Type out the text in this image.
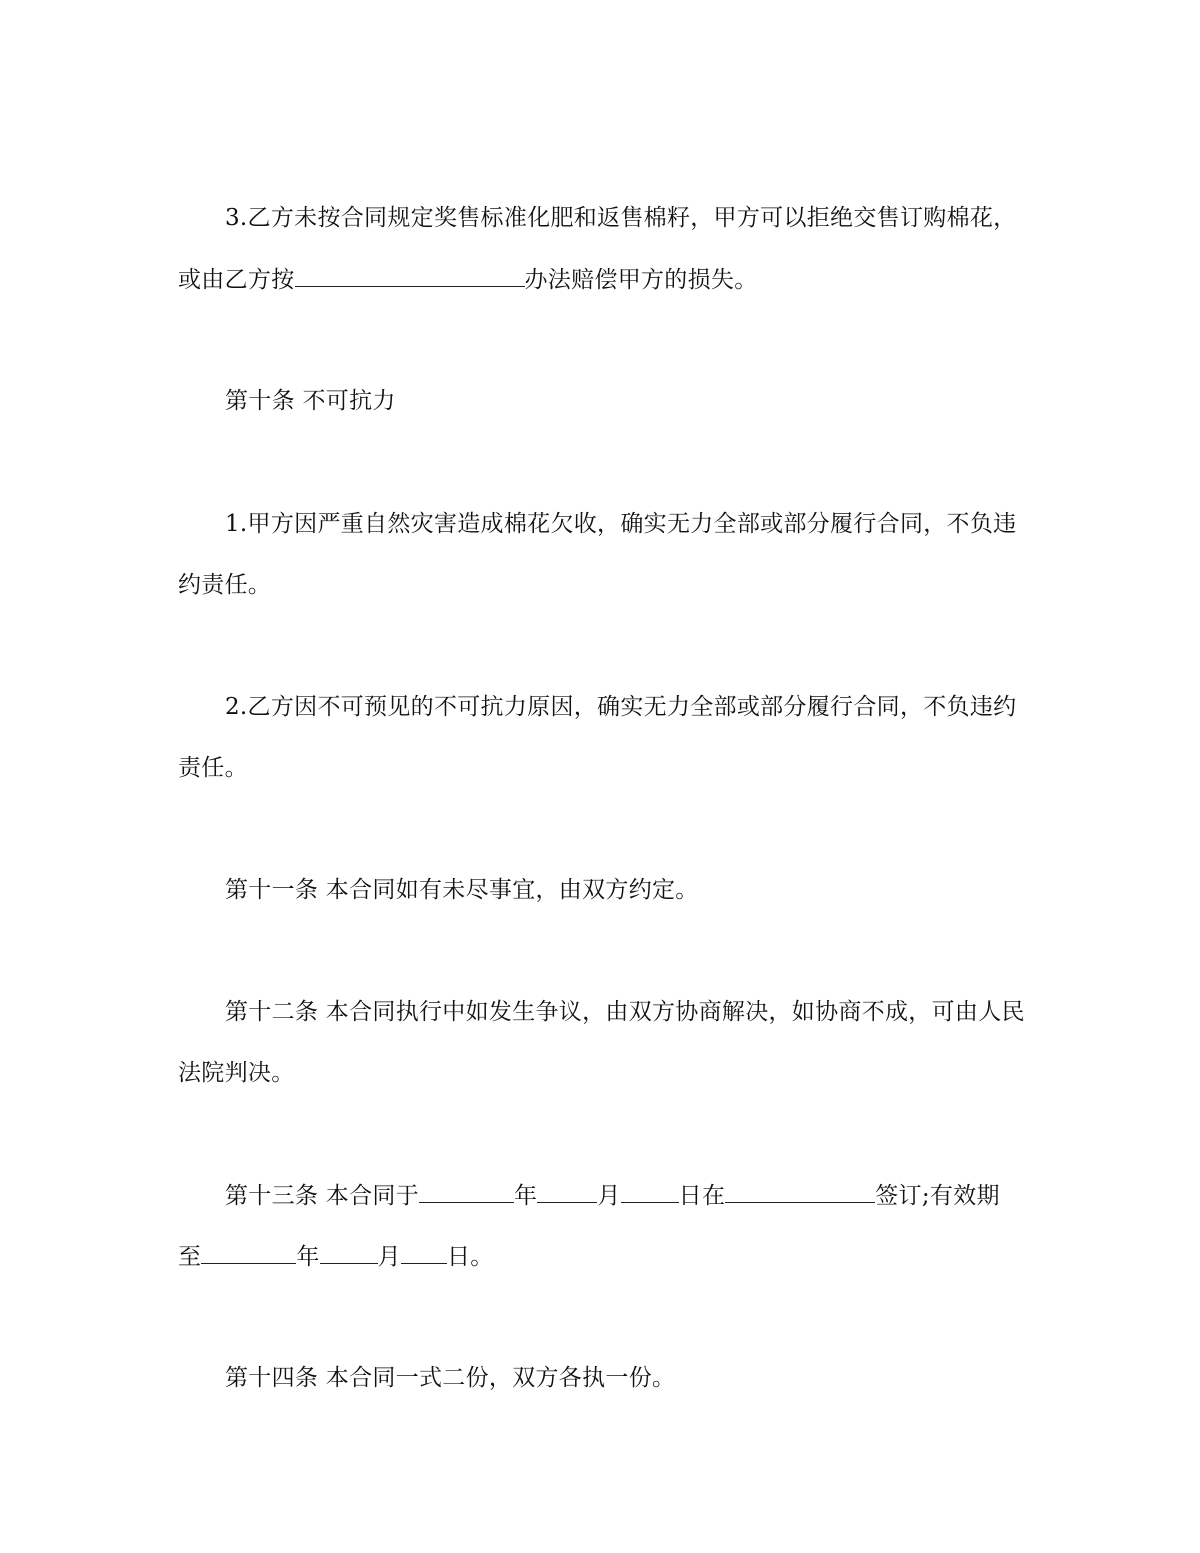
3.乙方未按合同规定奖售标准化肥和返售棉籽，甲方可以拒绝交售订购棉花，
或由乙方按	办法赔偿甲方的损失。
第十条 不可抗力
1.甲方因严重自然灾害造成棉花欠收，确实无力全部或部分履行合同，不负违
约责任。
2.乙方因不可预见的不可抗力原因，确实无力全部或部分履行合同，不负违约
责任。
第十一条 本合同如有未尽事宜，由双方约定。
第十二条 本合同执行中如发生争议，由双方协商解决，如协商不成，可由人民
法院判决。
第十三条 本合同于	年	月	日在	签订;有效期
至	年	月 日。
第十四条 本合同一式二份，双方各执一份。
